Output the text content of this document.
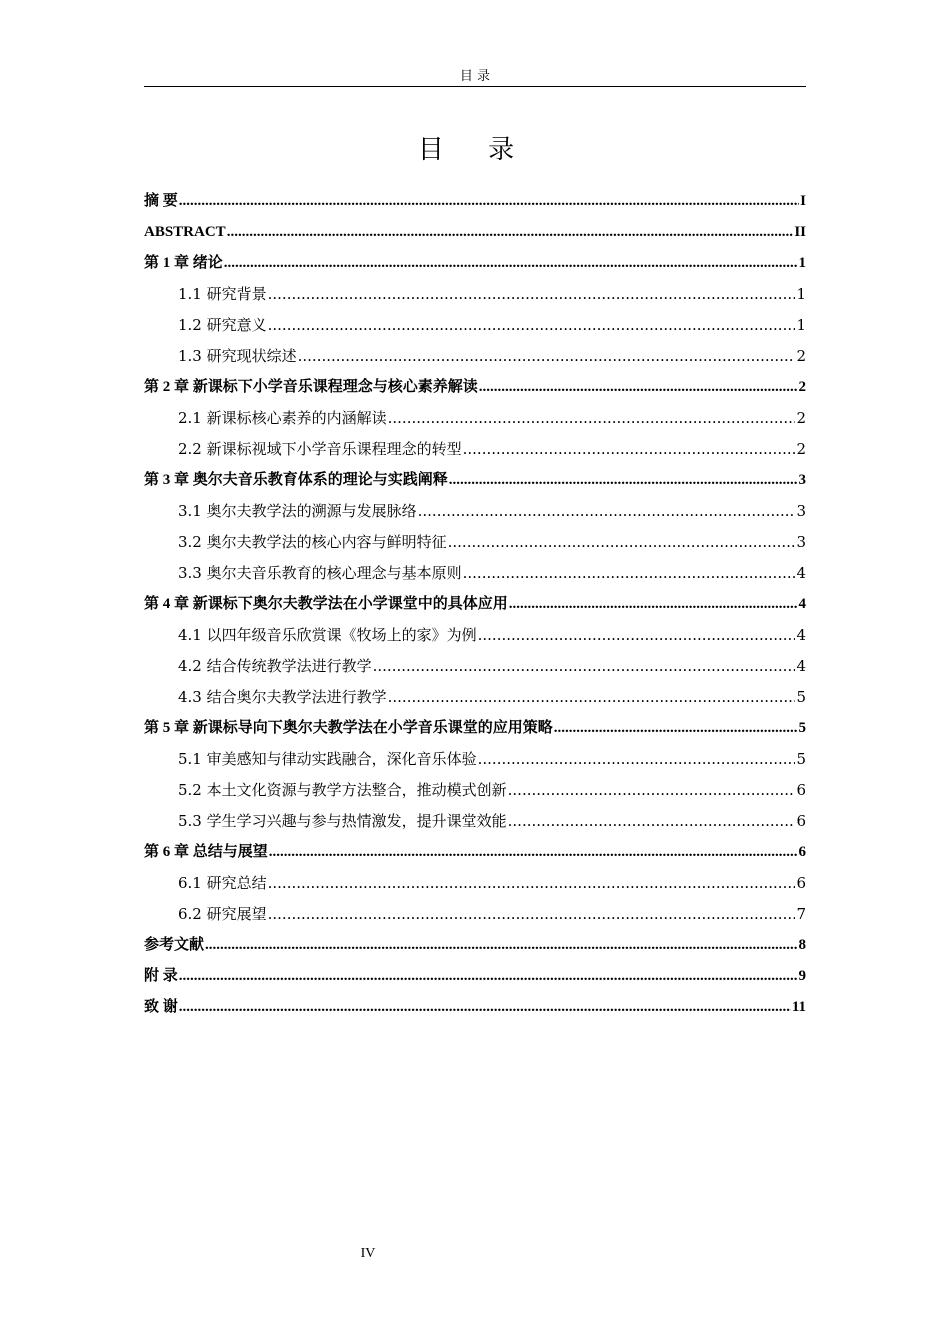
目 录
目 录
摘 要 .....	I
ABSTRACT .....	II
第 1 章 绪论 .....	1
1.1 研究背景 .....	1
1.2 研究意义 .....	1
1.3 研究现状综述 .....	2
第 2 章 新课标下小学音乐课程理念与核心素养解读 .....	2
2.1 新课标核心素养的内涵解读 .....	2
2.2 新课标视域下小学音乐课程理念的转型 .....	2
第 3 章 奥尔夫音乐教育体系的理论与实践阐释 .....	3
3.1 奥尔夫教学法的溯源与发展脉络 .....	3
3.2 奥尔夫教学法的核心内容与鲜明特征 .....	3
3.3 奥尔夫音乐教育的核心理念与基本原则 .....	4
第 4 章 新课标下奥尔夫教学法在小学课堂中的具体应用 .....	4
4.1 以四年级音乐欣赏课《牧场上的家》为例 .....	4
4.2 结合传统教学法进行教学 .....	4
4.3 结合奥尔夫教学法进行教学 .....	5
第 5 章 新课标导向下奥尔夫教学法在小学音乐课堂的应用策略 .....	5
5.1 审美感知与律动实践融合，深化音乐体验 .....	5
5.2 本土文化资源与教学方法整合，推动模式创新 .....	6
5.3 学生学习兴趣与参与热情激发，提升课堂效能 .....	6
第 6 章 总结与展望 .....	6
6.1 研究总结 .....	6
6.2 研究展望 .....	7
参考文献 .....	8
附 录 .....	9
致 谢 .....	11
IV
